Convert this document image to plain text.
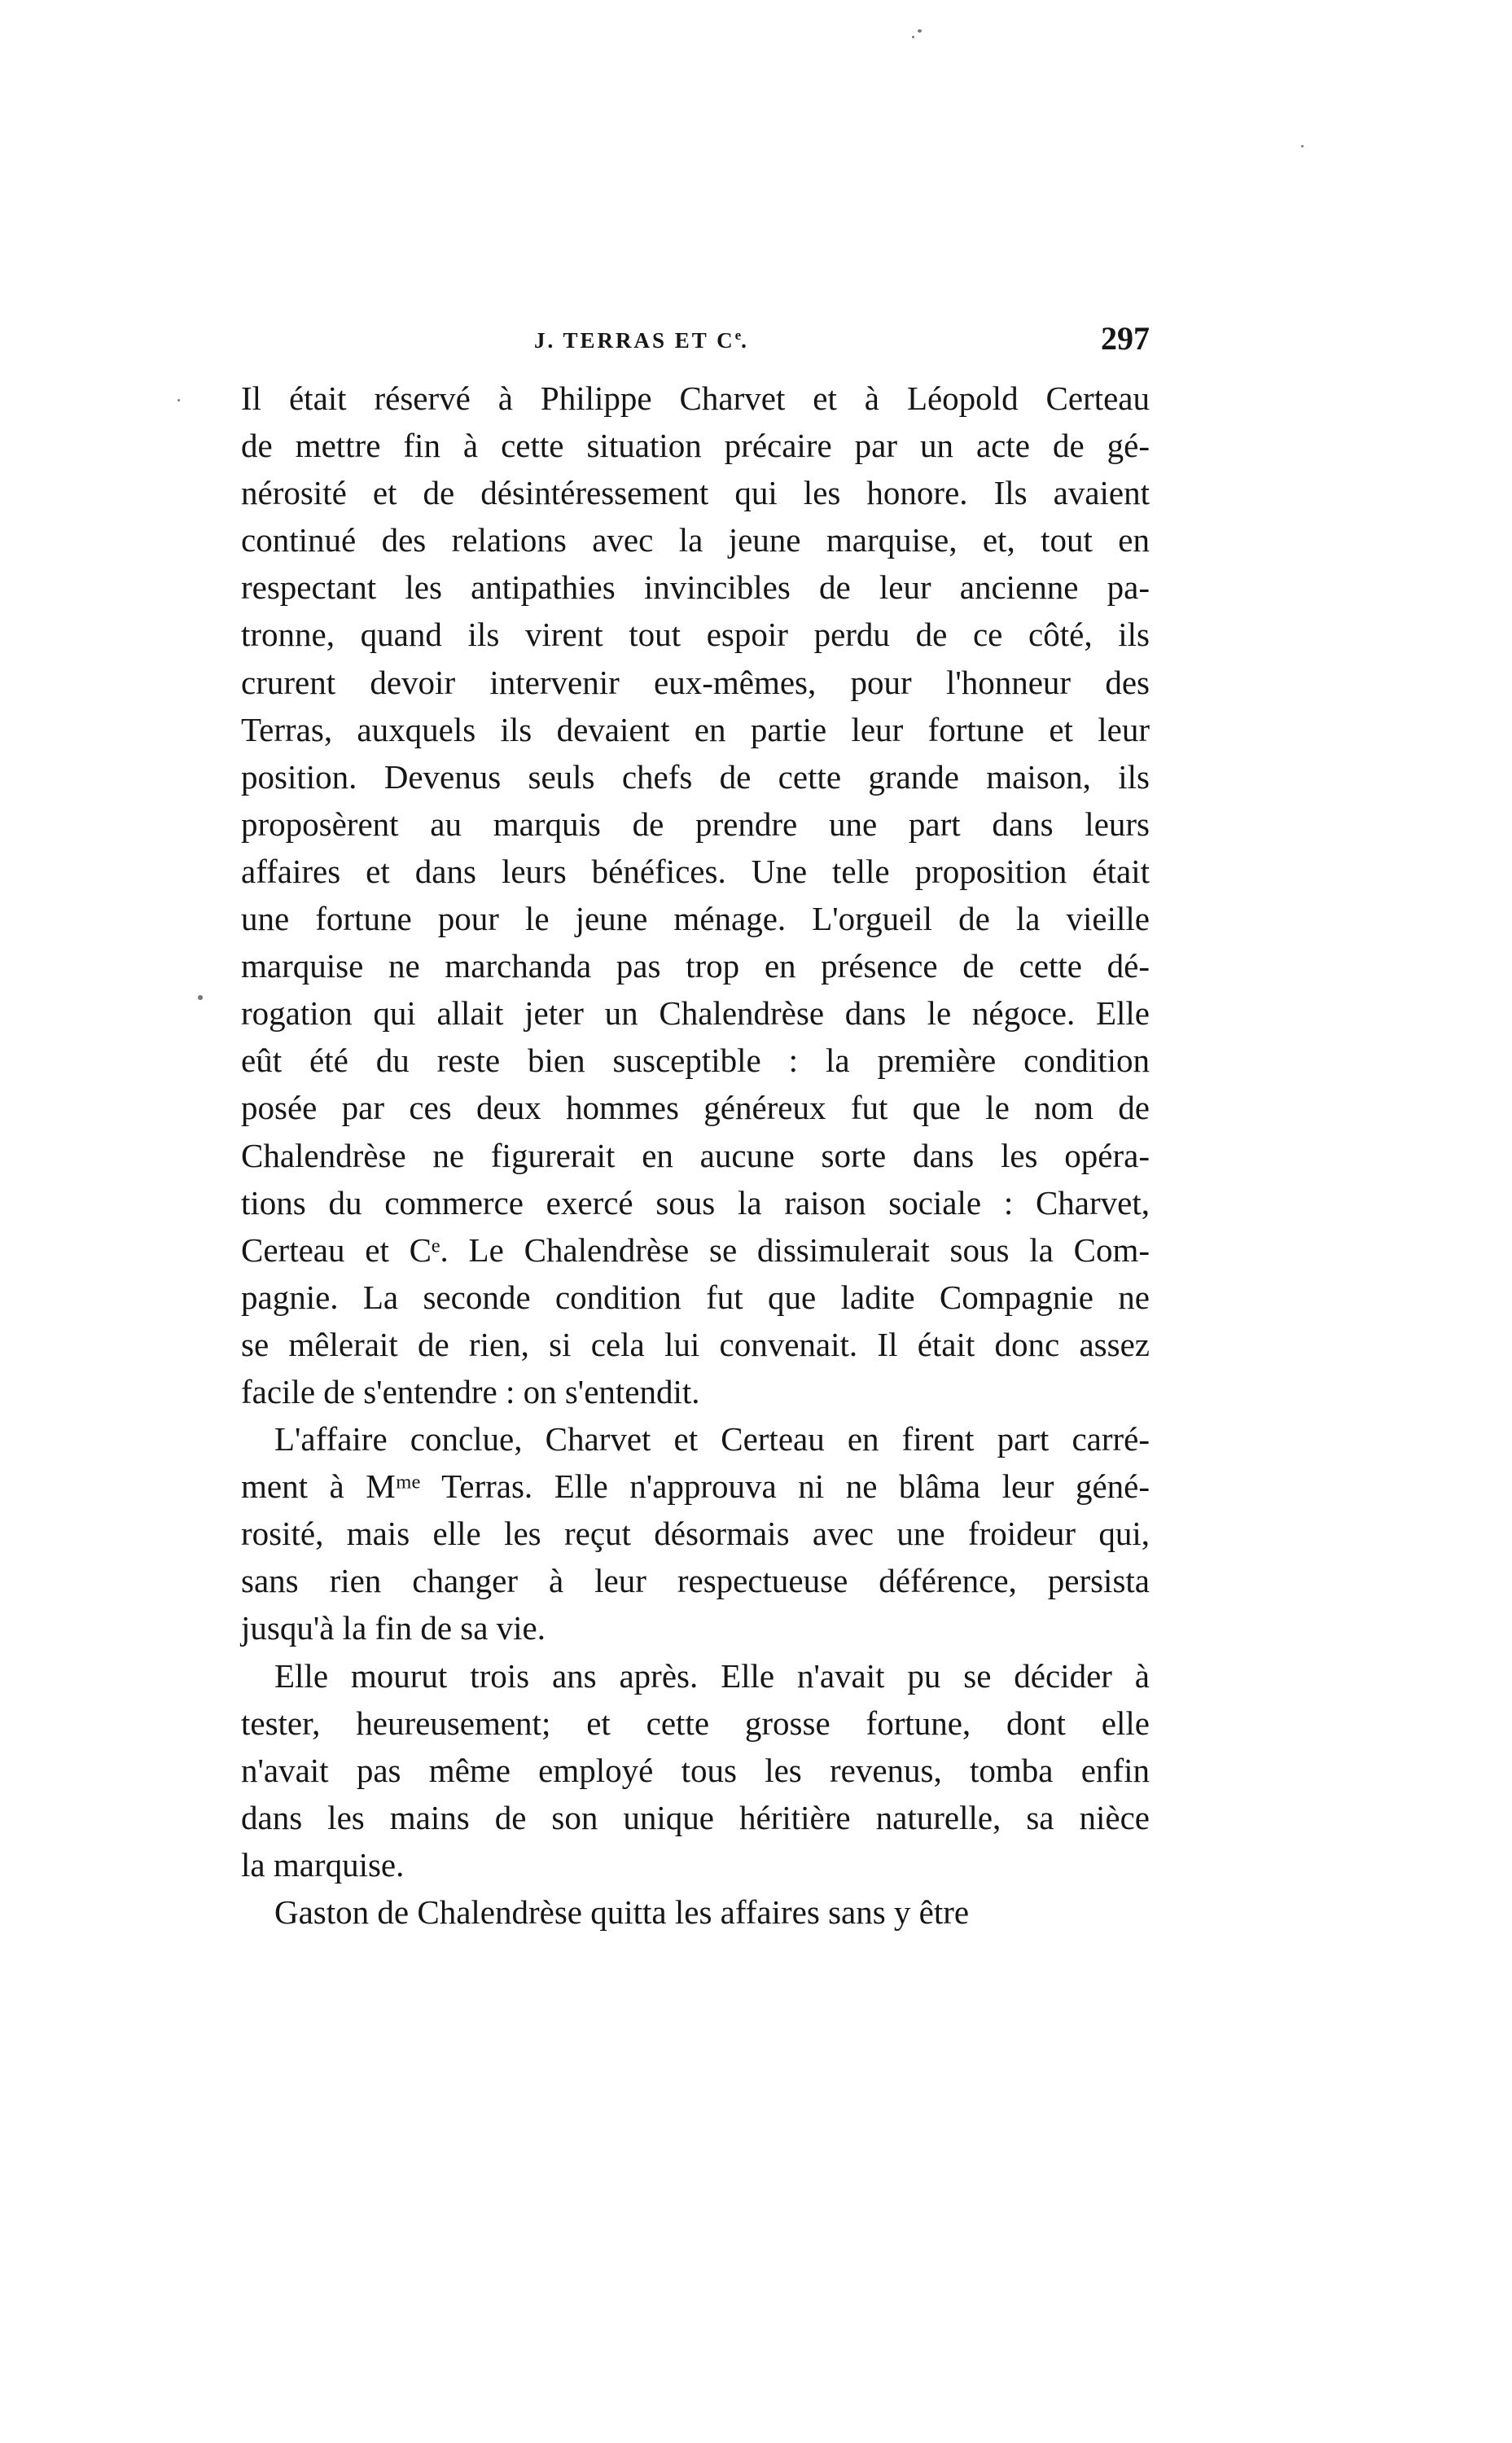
J. TERRAS ET Ce.	297
Il était réservé à Philippe Charvet et à Léopold Certeau
de mettre fin à cette situation précaire par un acte de gé-
nérosité et de désintéressement qui les honore. Ils avaient
continué des relations avec la jeune marquise, et, tout en
respectant les antipathies invincibles de leur ancienne pa-
tronne, quand ils virent tout espoir perdu de ce côté, ils
crurent devoir intervenir eux-mêmes, pour l'honneur des
Terras, auxquels ils devaient en partie leur fortune et leur
position. Devenus seuls chefs de cette grande maison, ils
proposèrent au marquis de prendre une part dans leurs
affaires et dans leurs bénéfices. Une telle proposition était
une fortune pour le jeune ménage. L'orgueil de la vieille
marquise ne marchanda pas trop en présence de cette dé-
rogation qui allait jeter un Chalendrèse dans le négoce. Elle
eût été du reste bien susceptible : la première condition
posée par ces deux hommes généreux fut que le nom de
Chalendrèse ne figurerait en aucune sorte dans les opéra-
tions du commerce exercé sous la raison sociale : Charvet,
Certeau et Cᵉ. Le Chalendrèse se dissimulerait sous la Com-
pagnie. La seconde condition fut que ladite Compagnie ne
se mêlerait de rien, si cela lui convenait. Il était donc assez
facile de s'entendre : on s'entendit.
L'affaire conclue, Charvet et Certeau en firent part carré-
ment à Mᵐᵉ Terras. Elle n'approuva ni ne blâma leur géné-
rosité, mais elle les reçut désormais avec une froideur qui,
sans rien changer à leur respectueuse déférence, persista
jusqu'à la fin de sa vie.
Elle mourut trois ans après. Elle n'avait pu se décider à
tester, heureusement; et cette grosse fortune, dont elle
n'avait pas même employé tous les revenus, tomba enfin
dans les mains de son unique héritière naturelle, sa nièce
la marquise.
Gaston de Chalendrèse quitta les affaires sans y être
